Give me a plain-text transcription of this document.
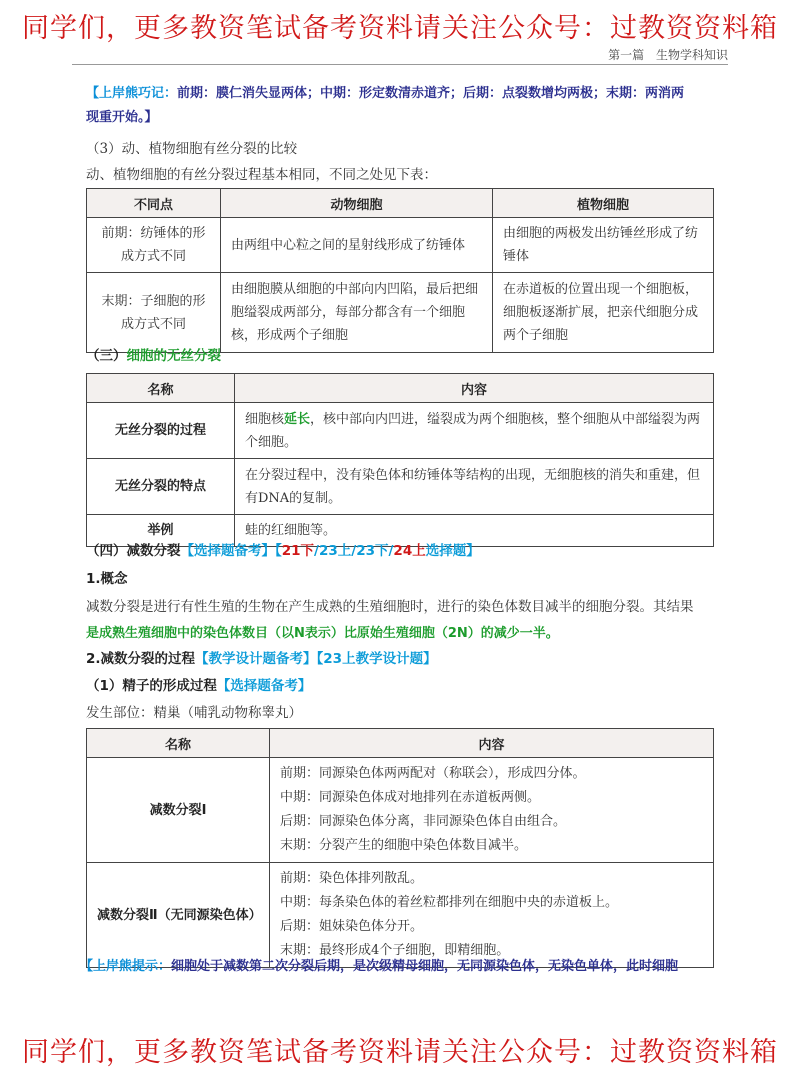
同学们，更多教资笔试备考资料请关注公众号：过教资资料箱
第一篇 生物学科知识
【上岸熊巧记：前期：膜仁消失显两体；中期：形定数清赤道齐；后期：点裂数增均两极；末期：两消两
现重开始。】
（3）动、植物细胞有丝分裂的比较
动、植物细胞的有丝分裂过程基本相同，不同之处见下表：
不同点	动物细胞	植物细胞
前期：纺锤体的形成方式不同	由两组中心粒之间的星射线形成了纺锤体	由细胞的两极发出纺锤丝形成了纺锤体
末期：子细胞的形成方式不同	由细胞膜从细胞的中部向内凹陷，最后把细胞缢裂成两部分，每部分都含有一个细胞核，形成两个子细胞	在赤道板的位置出现一个细胞板，细胞板逐渐扩展，把亲代细胞分成两个子细胞
（三）细胞的无丝分裂
名称	内容
无丝分裂的过程	细胞核延长，核中部向内凹进，缢裂成为两个细胞核，整个细胞从中部缢裂为两个细胞。
无丝分裂的特点	在分裂过程中，没有染色体和纺锤体等结构的出现，无细胞核的消失和重建，但有DNA的复制。
举例	蛙的红细胞等。
（四）减数分裂【选择题备考】【21下/23上/23下/24上选择题】
1.概念
减数分裂是进行有性生殖的生物在产生成熟的生殖细胞时，进行的染色体数目减半的细胞分裂。其结果
是成熟生殖细胞中的染色体数目（以N表示）比原始生殖细胞（2N）的减少一半。
2.减数分裂的过程【教学设计题备考】【23上教学设计题】
（1）精子的形成过程【选择题备考】
发生部位：精巢（哺乳动物称睾丸）
名称	内容
减数分裂Ⅰ	前期：同源染色体两两配对（称联会），形成四分体。
中期：同源染色体成对地排列在赤道板两侧。
后期：同源染色体分离，非同源染色体自由组合。
末期：分裂产生的细胞中染色体数目减半。

减数分裂Ⅱ（无同源染色体）	前期：染色体排列散乱。
中期：每条染色体的着丝粒都排列在细胞中央的赤道板上。
后期：姐妹染色体分开。
末期：最终形成4个子细胞，即精细胞。
【上岸熊提示：细胞处于减数第二次分裂后期，是次级精母细胞，无同源染色体，无染色单体，此时细胞
同学们，更多教资笔试备考资料请关注公众号：过教资资料箱
